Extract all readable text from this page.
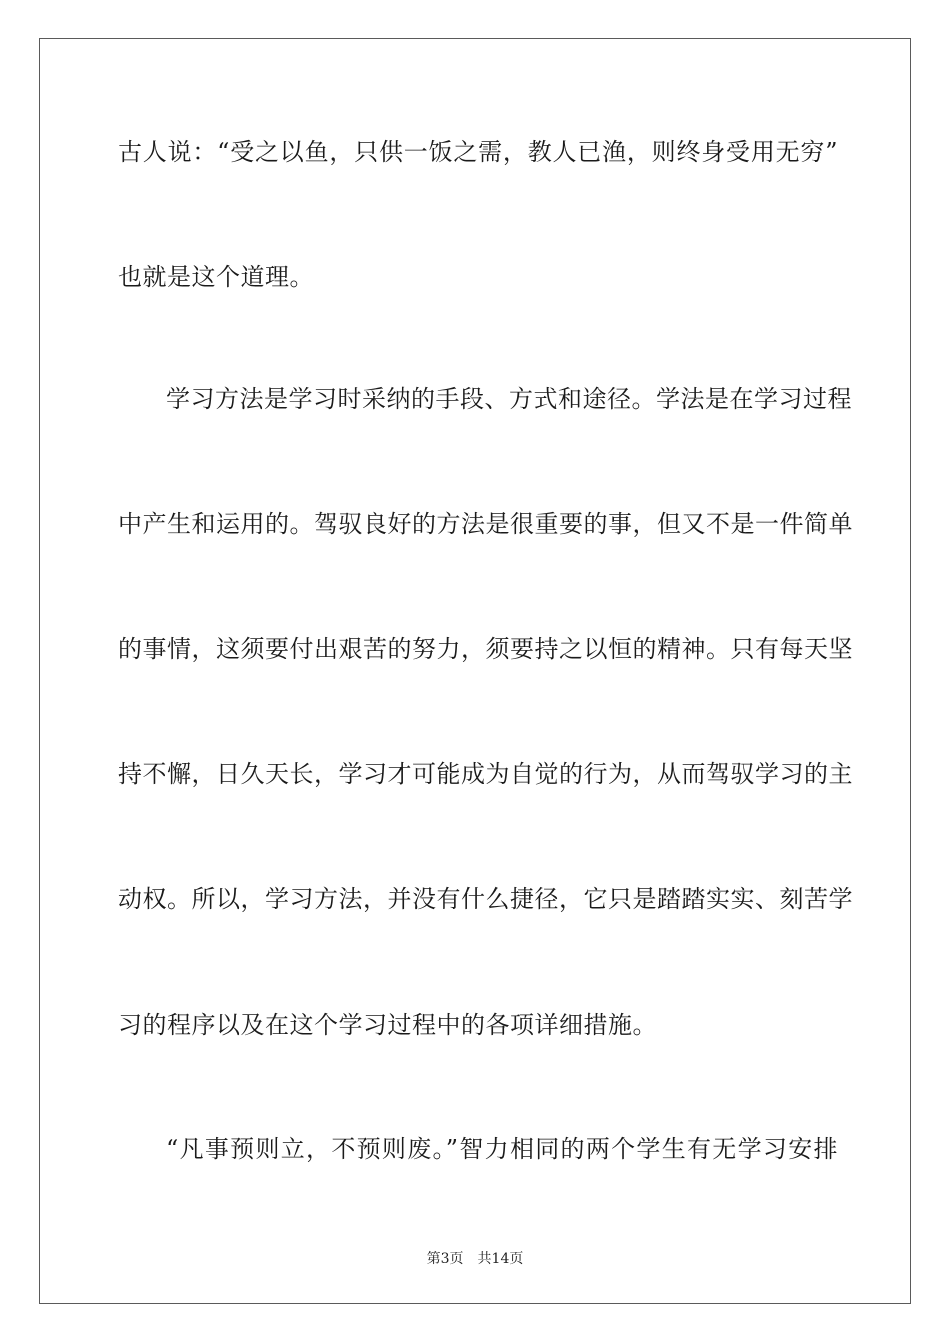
古人说：“受之以鱼，只供一饭之需，教人已渔，则终身受用无穷”
也就是这个道理。
学习方法是学习时采纳的手段、方式和途径。学法是在学习过程
中产生和运用的。驾驭良好的方法是很重要的事，但又不是一件简单
的事情，这须要付出艰苦的努力，须要持之以恒的精神。只有每天坚
持不懈，日久天长，学习才可能成为自觉的行为，从而驾驭学习的主
动权。所以，学习方法，并没有什么捷径，它只是踏踏实实、刻苦学
习的程序以及在这个学习过程中的各项详细措施。
“凡事预则立，不预则废。”智力相同的两个学生有无学习安排
第3页 共14页
